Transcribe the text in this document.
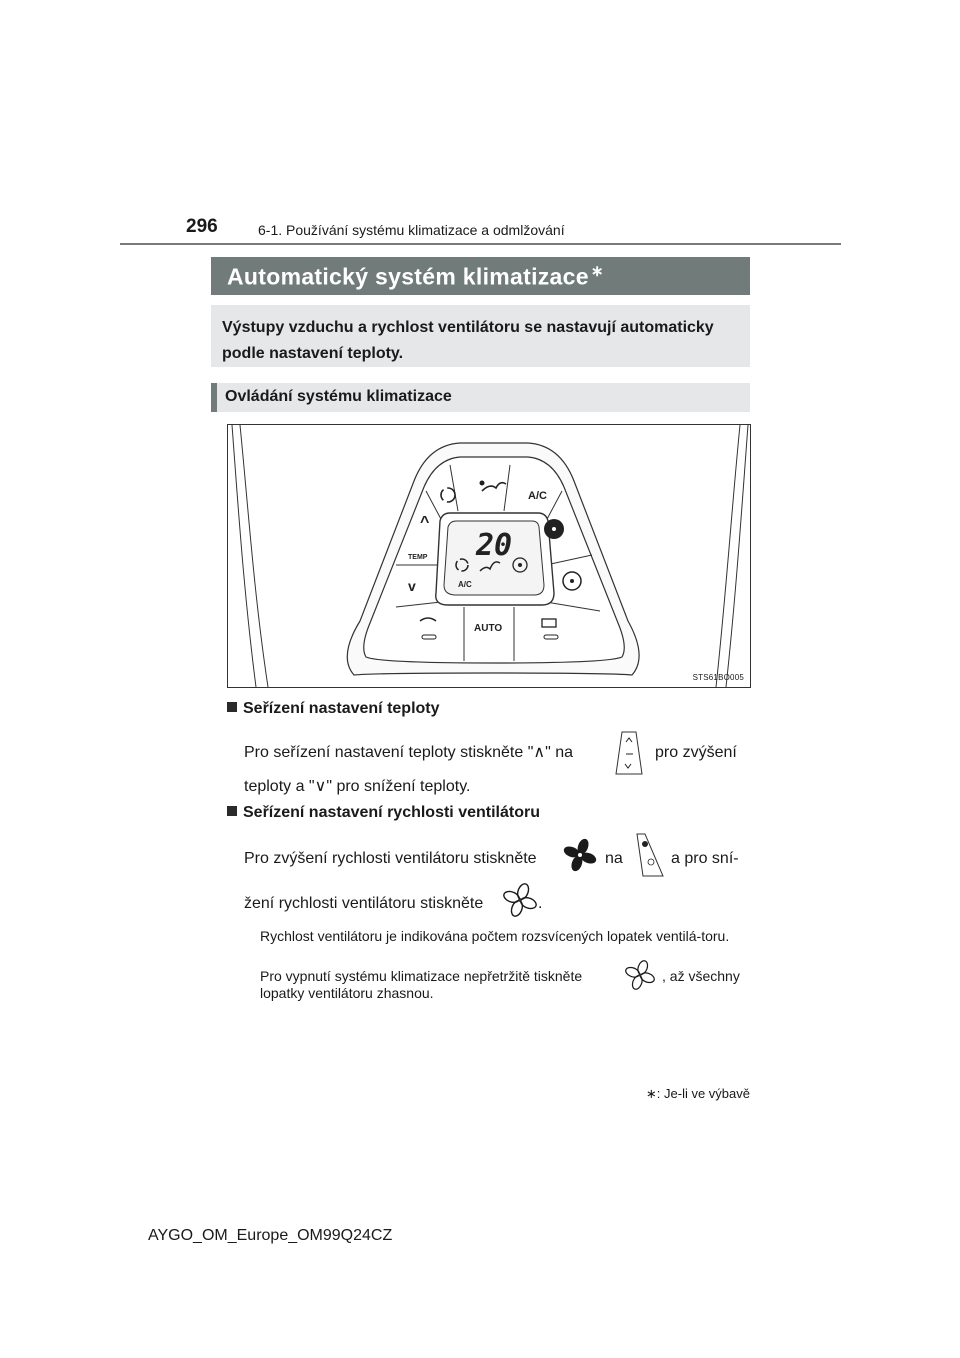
296	6-1. Používání systému klimatizace a odmlžování
Automatický systém klimatizace ∗
Výstupy vzduchu a rychlost ventilátoru se nastavují automaticky podle nastavení teploty.
Ovládání systému klimatizace
20
A/C
A/C
^
TEMP
v
AUTO
STS61BO005
Seřízení nastavení teploty
Pro seřízení nastavení teploty stiskněte "∧" na	pro zvýšení
teploty a "∨" pro snížení teploty.
Seřízení nastavení rychlosti ventilátoru
Pro zvýšení rychlosti ventilátoru stiskněte	na	a pro sní-
žení rychlosti ventilátoru stiskněte	.
Rychlost ventilátoru je indikována počtem rozsvícených lopatek ventilá-toru.
Pro vypnutí systému klimatizace nepřetržitě tiskněte	, až všechny lopatky ventilátoru zhasnou.
∗: Je-li ve výbavě
AYGO_OM_Europe_OM99Q24CZ
